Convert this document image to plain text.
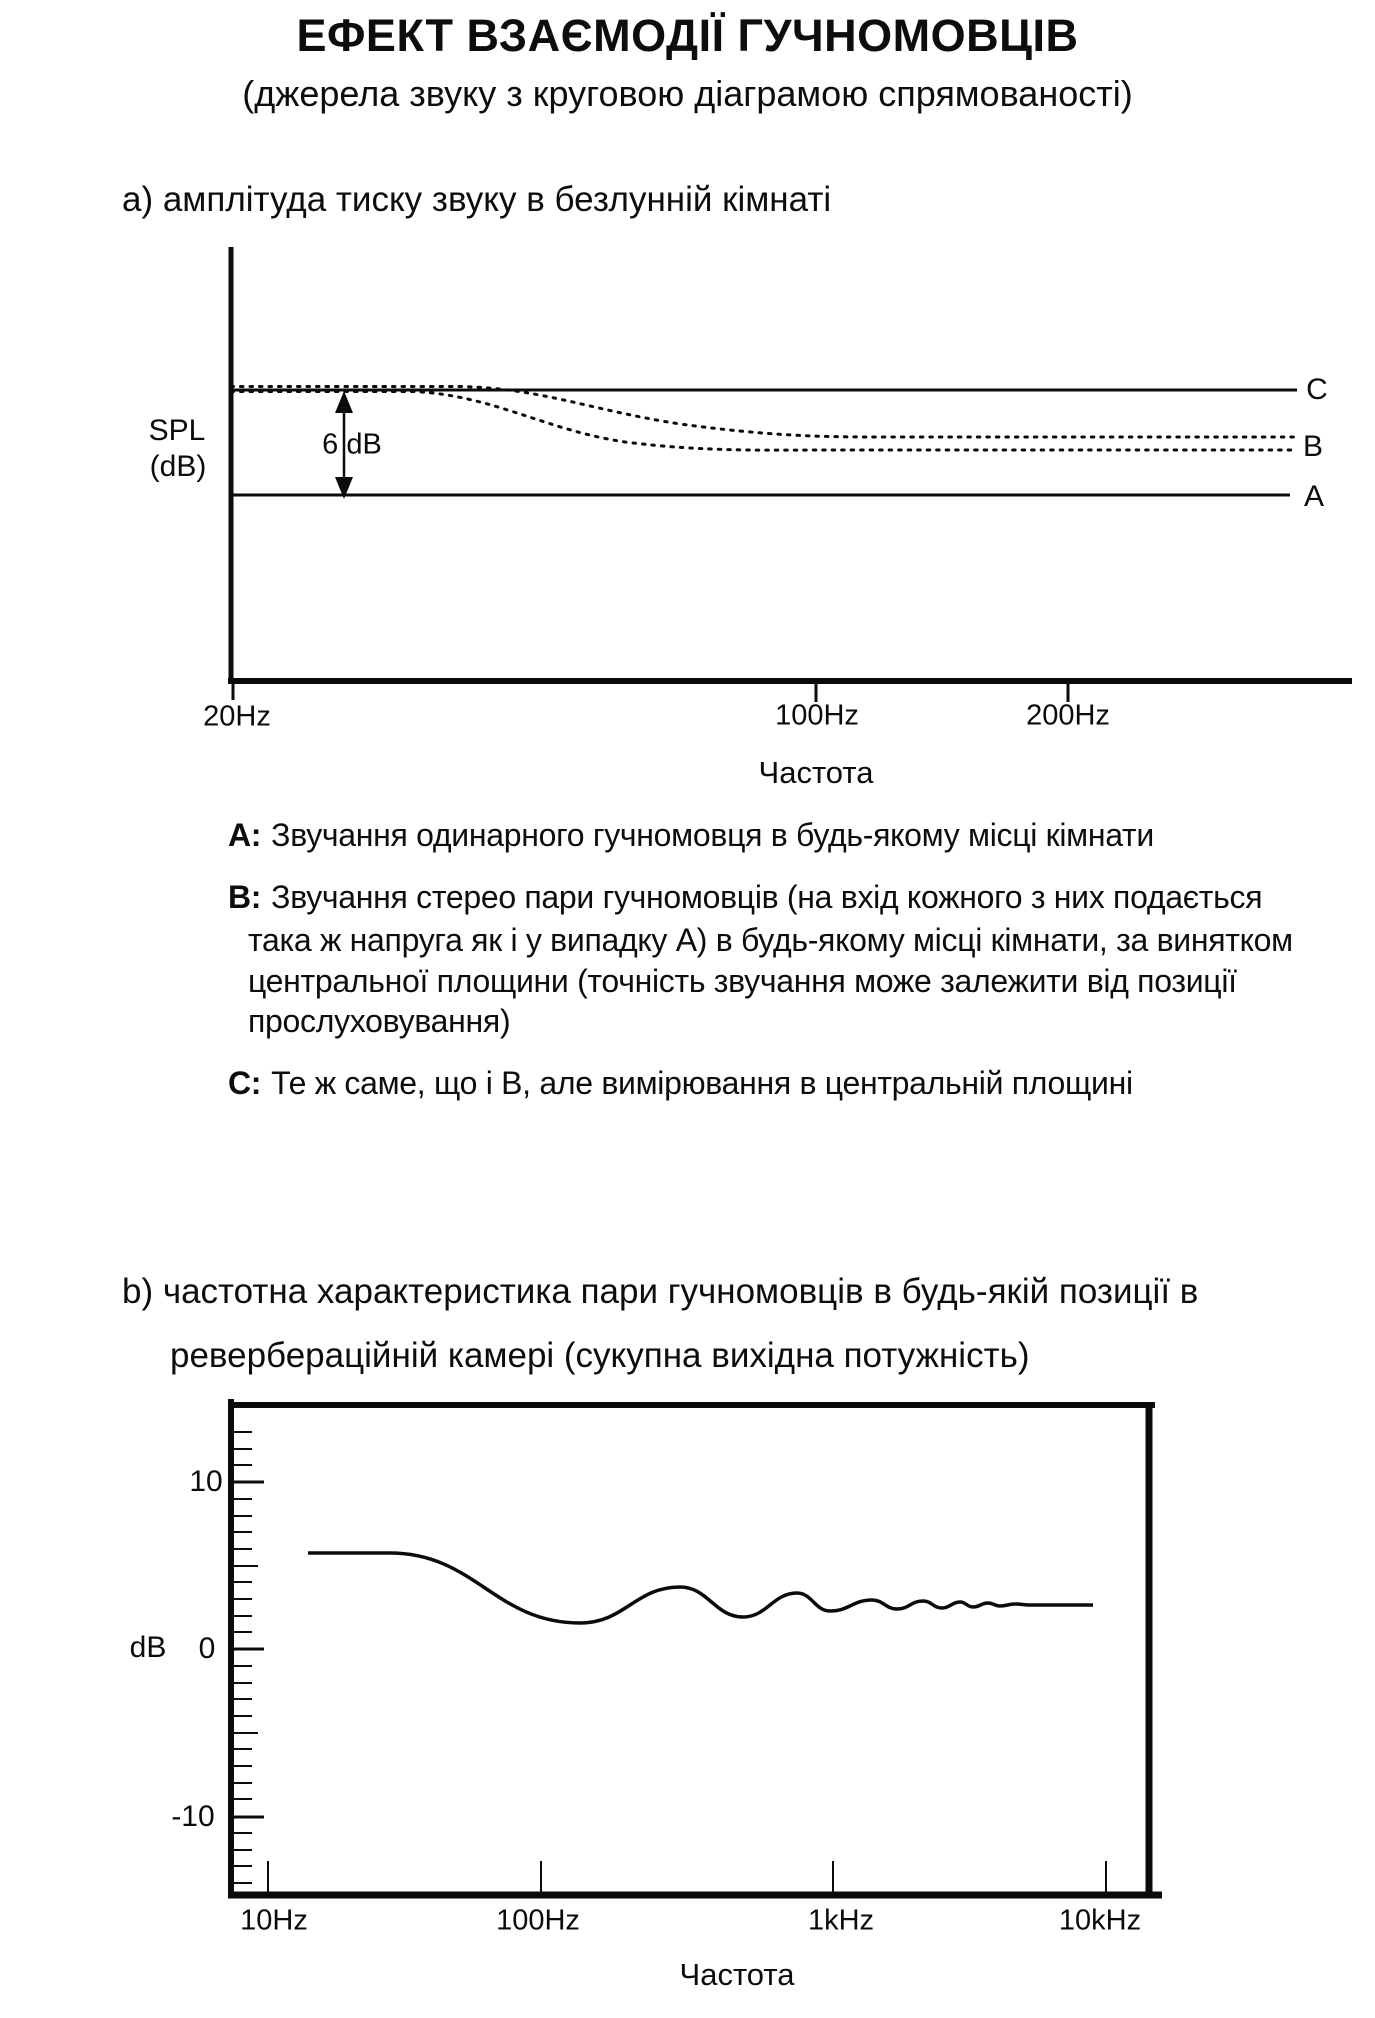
ЕФЕКТ ВЗАЄМОДІЇ ГУЧНОМОВЦІВ
(джерела звуку з круговою діаграмою спрямованості)
а) амплітуда тиску звуку в безлунній кімнаті
SPL
(dB)
6 dB
C
B
A
20Hz	100Hz	200Hz
Частота
A: Звучання одинарного гучномовця в будь-якому місці кімнати
B: Звучання стерео пари гучномовців (на вхід кожного з них подається
така ж напруга як і у випадку А) в будь-якому місці кімнати, за винятком
центральної площини (точність звучання може залежити від позиції
прослуховування)
C: Те ж саме, що і В, але вимірювання в центральній площині
b) частотна характеристика пари гучномовців в будь-якій позиції в
ревербераційній камері (сукупна вихідна потужність)
10
0
-10
dB
10Hz	100Hz	1kHz	10kHz
Частота
